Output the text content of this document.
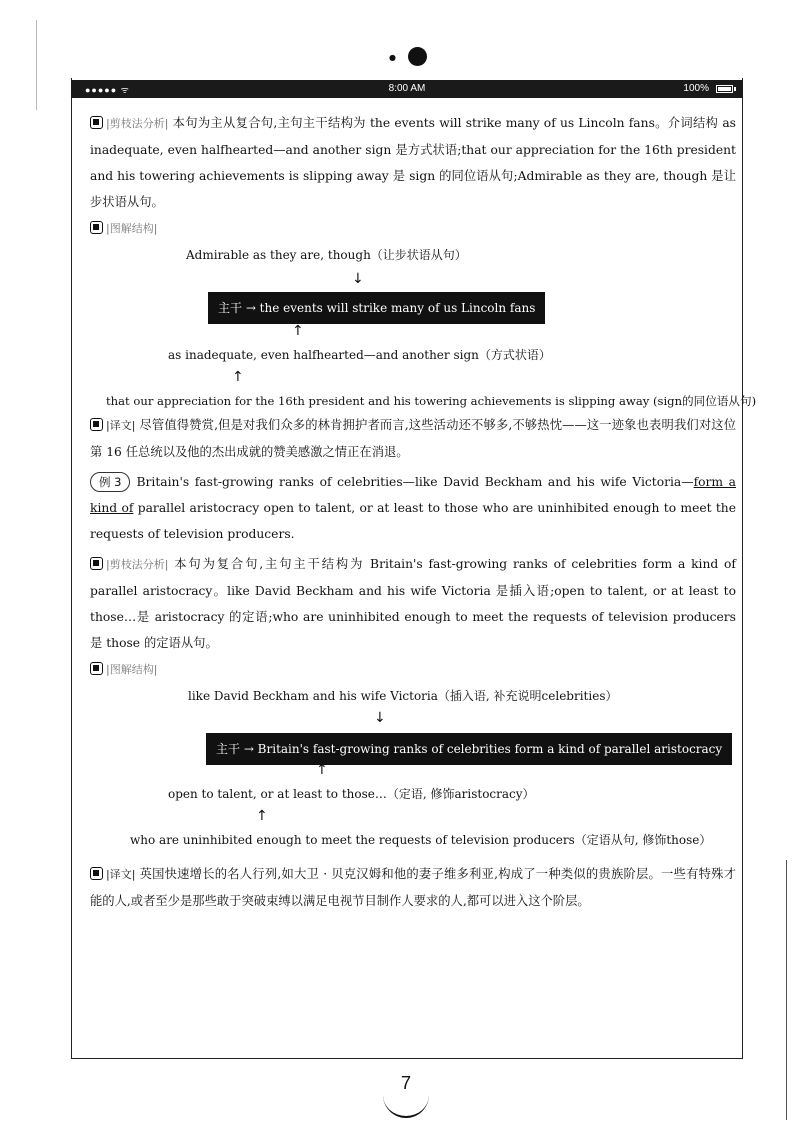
●
●●●●● ᯤ	8:00 AM	100%

|剪枝法分析| 本句为主从复合句,主句主干结构为 the events will strike many of us Lincoln fans。介词结构 as inadequate, even halfhearted—and another sign 是方式状语;that our appreciation for the 16th president and his towering achievements is slipping away 是 sign 的同位语从句;Admirable as they are, though 是让步状语从句。

|图解结构|

Admirable as they are, though（让步状语从句）
↓
主干 → the events will strike many of us Lincoln fans
↑
as inadequate, even halfhearted—and another sign（方式状语）
↑
that our appreciation for the 16th president and his towering achievements is slipping away (sign的同位语从句)

|译文| 尽管值得赞赏,但是对我们众多的林肯拥护者而言,这些活动还不够多,不够热忱——这一迹象也表明我们对这位第 16 任总统以及他的杰出成就的赞美感激之情正在消退。

例 3 Britain's fast-growing ranks of celebrities—like David Beckham and his wife Victoria—form a kind of parallel aristocracy open to talent, or at least to those who are uninhibited enough to meet the requests of television producers.

|剪枝法分析| 本句为复合句,主句主干结构为 Britain's fast-growing ranks of celebrities form a kind of parallel aristocracy。like David Beckham and his wife Victoria 是插入语;open to talent, or at least to those…是 aristocracy 的定语;who are uninhibited enough to meet the requests of television producers 是 those 的定语从句。

|图解结构|

like David Beckham and his wife Victoria（插入语, 补充说明celebrities）
↓
主干 → Britain's fast-growing ranks of celebrities form a kind of parallel aristocracy
↑
open to talent, or at least to those…（定语, 修饰aristocracy）
↑
who are uninhibited enough to meet the requests of television producers（定语从句, 修饰those）

|译文| 英国快速增长的名人行列,如大卫 · 贝克汉姆和他的妻子维多利亚,构成了一种类似的贵族阶层。一些有特殊才能的人,或者至少是那些敢于突破束缚以满足电视节目制作人要求的人,都可以进入这个阶层。

7
